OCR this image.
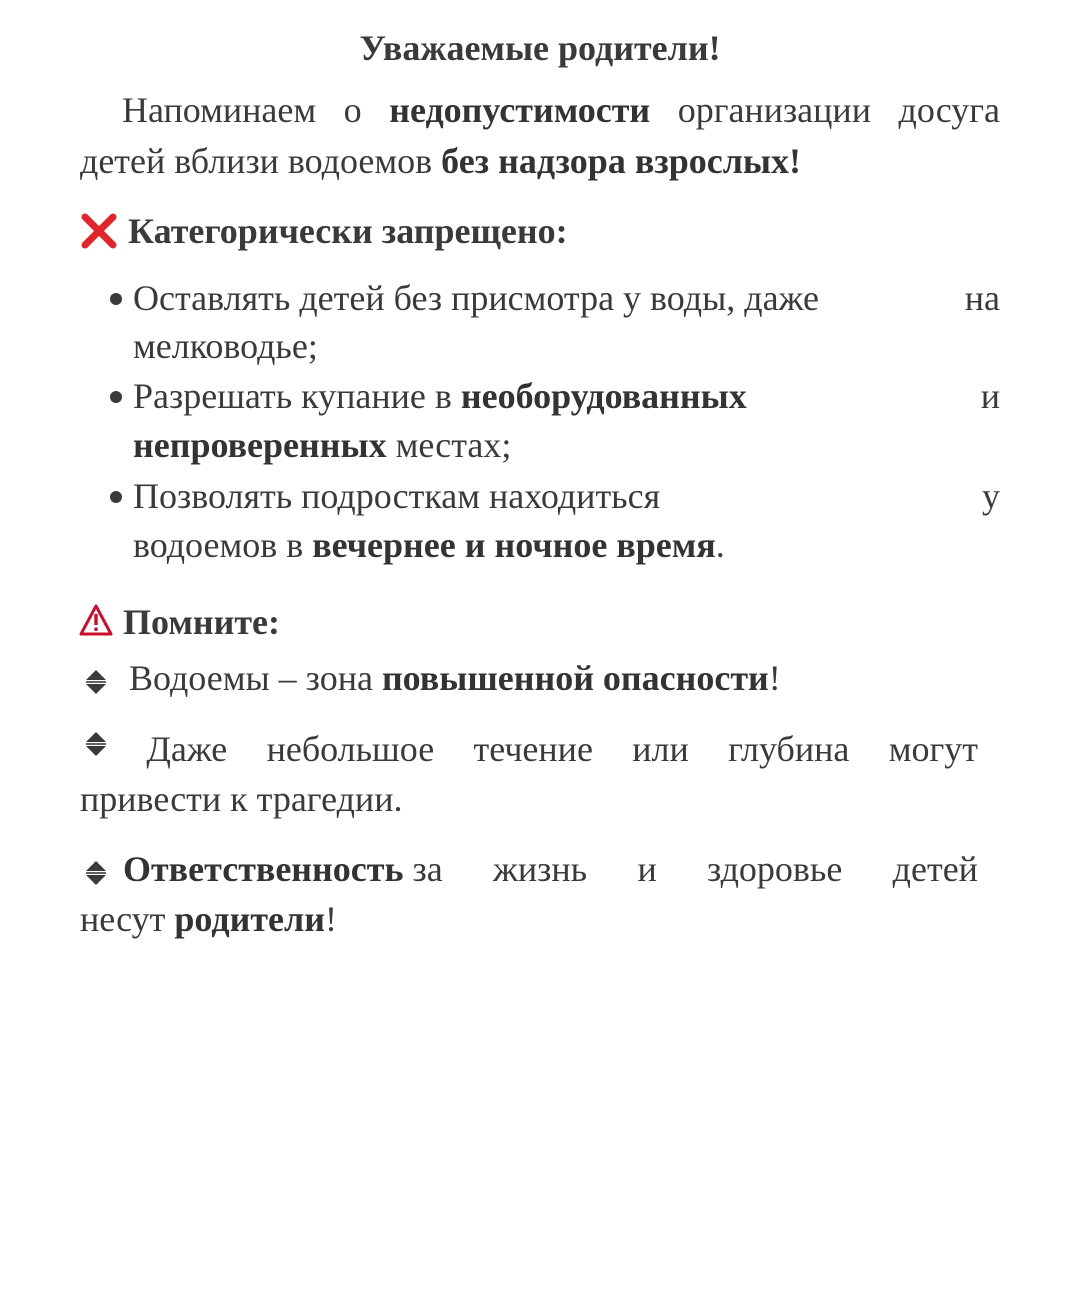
Уважаемые родители!
Напоминаем о недопустимости организации досуга
детей вблизи водоемов без надзора взрослых!
Категорически запрещено:
Оставлять детей без присмотра у воды, даже	на
мелководье;
Разрешать купание в необорудованных	и
непроверенных местах;
Позволять подросткам находиться	у
водоемов в вечернее и ночное время.
Помните:
Водоемы – зона повышенной опасности!
Даже небольшое течение или глубина могут
привести к трагедии.
Ответственность за жизнь и здоровье детей
несут родители!
